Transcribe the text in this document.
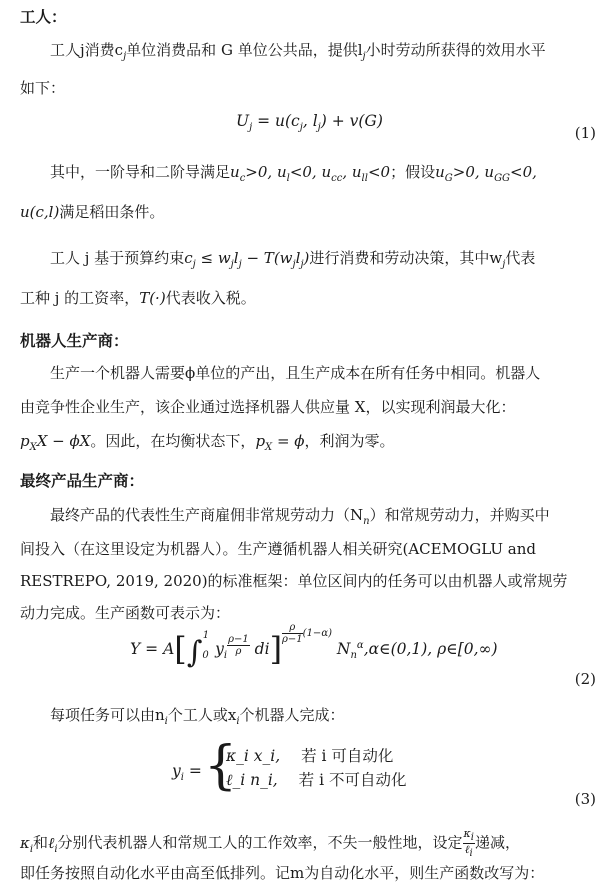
工人：
工人j消费$c_j$单位消费品和 G 单位公共品，提供$l_j$小时劳动所获得的效用水平
如下：
$U_j = u(c_j$, $l_j) + v(G)$
(1)
其中，一阶导和二阶导满足$u_c>0$, $u_l<0$, $u_{cc}$, $u_{ll}<0$；假设$u_G>0$, $u_{GG}<0$,
u(c,l)满足稻田条件。
工人 j 基于预算约束$c_j \le w_jl_j - T(w_jl_j)$进行消费和劳动决策，其中$w_j$代表
工种 j 的工资率，T(·)代表收入税。
机器人生产商：
生产一个机器人需要ϕ单位的产出，且生产成本在所有任务中相同。机器人
由竞争性企业生产，该企业通过选择机器人供应量 X，以实现利润最大化：
$p_XX - \phi X$。因此，在均衡状态下，$p_X = \phi$，利润为零。
最终产品生产商：
最终产品的代表性生产商雇佣非常规劳动力$(N_n)$和常规劳动力，并购买中
间投入（在这里设定为机器人）。生产遵循机器人相关研究(ACEMOGLU and
RESTREPO, 2019, 2020)的标准框架：单位区间内的任务可以由机器人或常规劳
动力完成。生产函数可表示为：
$Y = A[\int_0^1y_i$ $^{\frac{\rho-1}{\rho}}$ di] $^{\frac{\rho}{\rho-1} (1-\alpha)}$ $N_n^\alpha,\alpha\in(0,1)$, ρ∈[0,∞)
(2)
每项任务可以由$n_i$个工人或$x_i$个机器人完成：
$y_i$ = {
κ_i x_i, 若 i 可自动化
ℓ_i n_i, 若 i 不可自动化
(3)
$\kappa_i$和ℓ$_i$分别代表机器人和常规工人的工作效率，不失一般性地，设定 $\frac{\kappa_i}{\ell_i}$ 递减，
即任务按照自动化水平由高至低排列。记m为自动化水平，则生产函数改写为：
